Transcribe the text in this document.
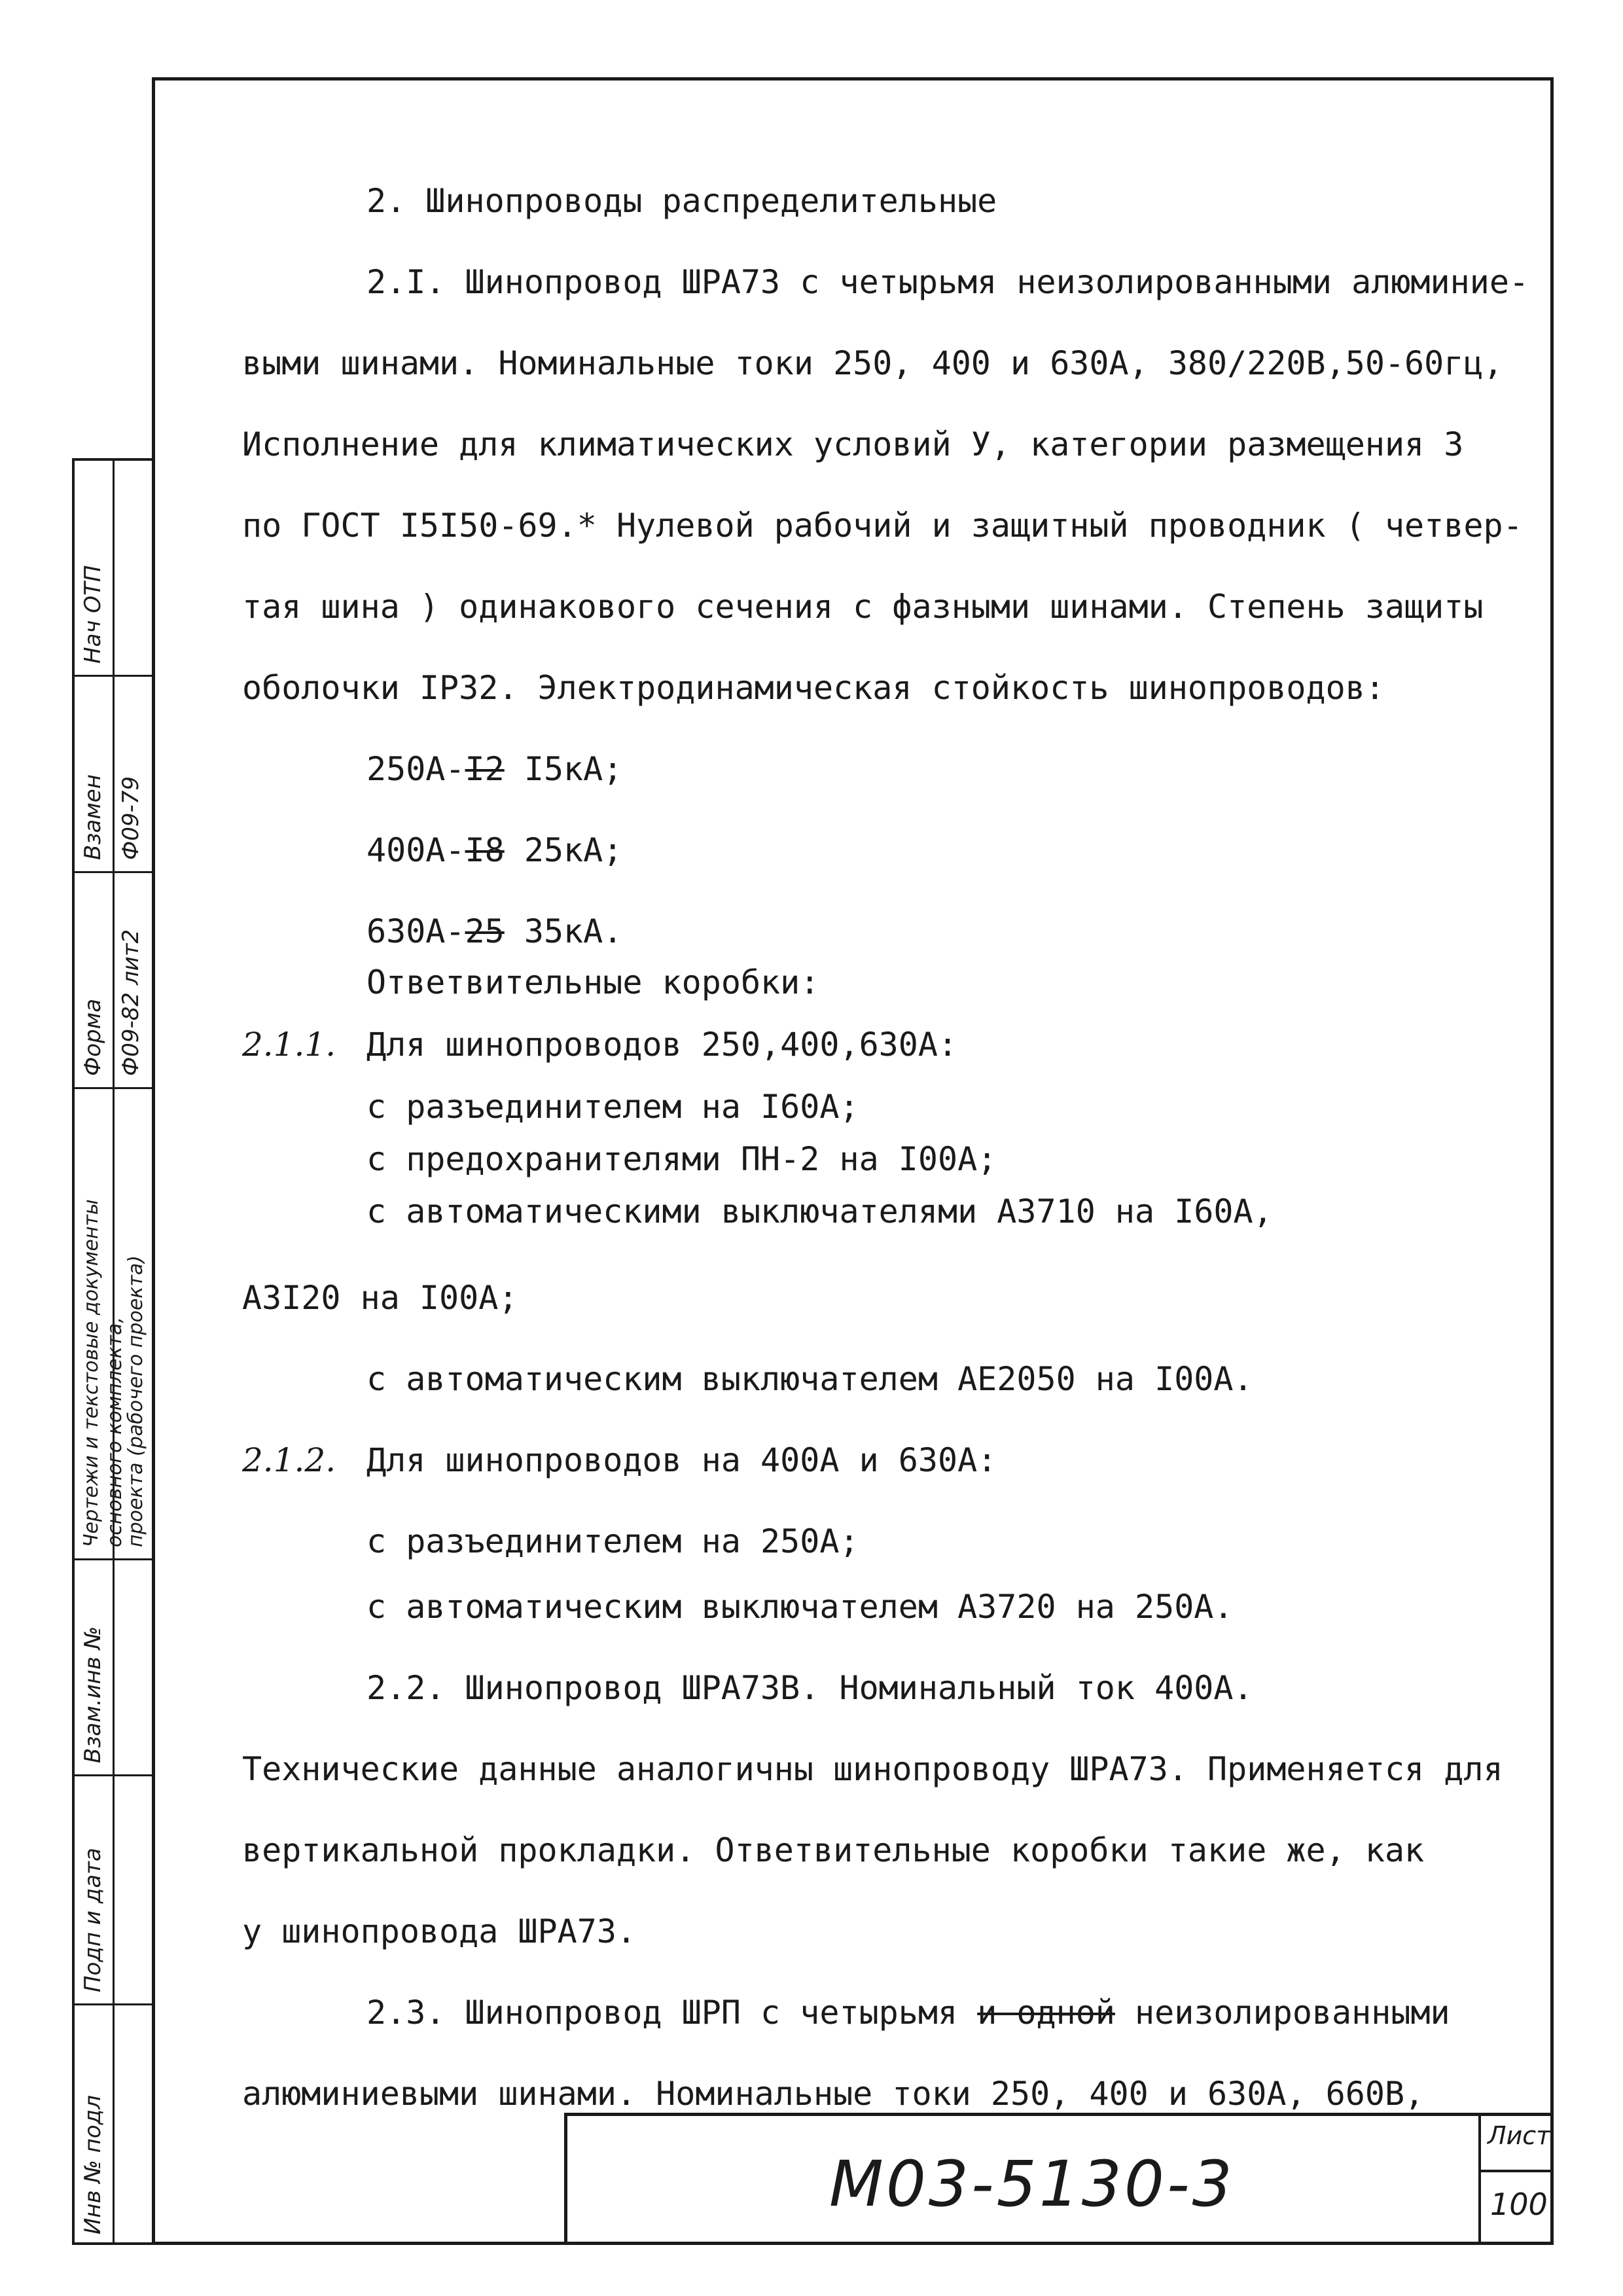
Нач ОТП
Взамен Ф09-79
Форма Ф09-82 лит2
Чертежи и текстовые документы основного комплекта,
проекта (рабочего проекта)
Взам.инв №
Подп и дата
Инв № подл
2. Шинопроводы распределительные
2.I. Шинопровод ШРА73 с четырьмя неизолированными алюминие-
выми шинами. Номинальные токи 250, 400 и 630А, 380/220В,50-60гц,
Исполнение для климатических условий У, категории размещения 3
по ГОСТ I5I50-69.* Нулевой рабочий и защитный проводник ( четвер-
тая шина ) одинакового сечения с фазными шинами. Степень защиты
оболочки IP32. Электродинамическая стойкость шинопроводов:
250А-I2 I5кА;
400А-I8 25кА;
630А-25 35кА.
Ответвительные коробки:
2.1.1. Для шинопроводов 250,400,630А:
с разъединителем на I60А;
с предохранителями ПН-2 на I00А;
с автоматическими выключателями А3710 на I60А,
А3I20 на I00А;
с автоматическим выключателем АЕ2050 на I00А.
2.1.2. Для шинопроводов на 400А и 630А:
с разъединителем на 250А;
с автоматическим выключателем А3720 на 250А.
2.2. Шинопровод ШРА73В. Номинальный ток 400А.
Технические данные аналогичны шинопроводу ШРА73. Применяется для
вертикальной прокладки. Ответвительные коробки такие же, как
у шинопровода ШРА73.
2.3. Шинопровод ШРП с четырьмя и одной неизолированными
алюминиевыми шинами. Номинальные токи 250, 400 и 630А, 660В,
М03-5130-3
Лист
100
